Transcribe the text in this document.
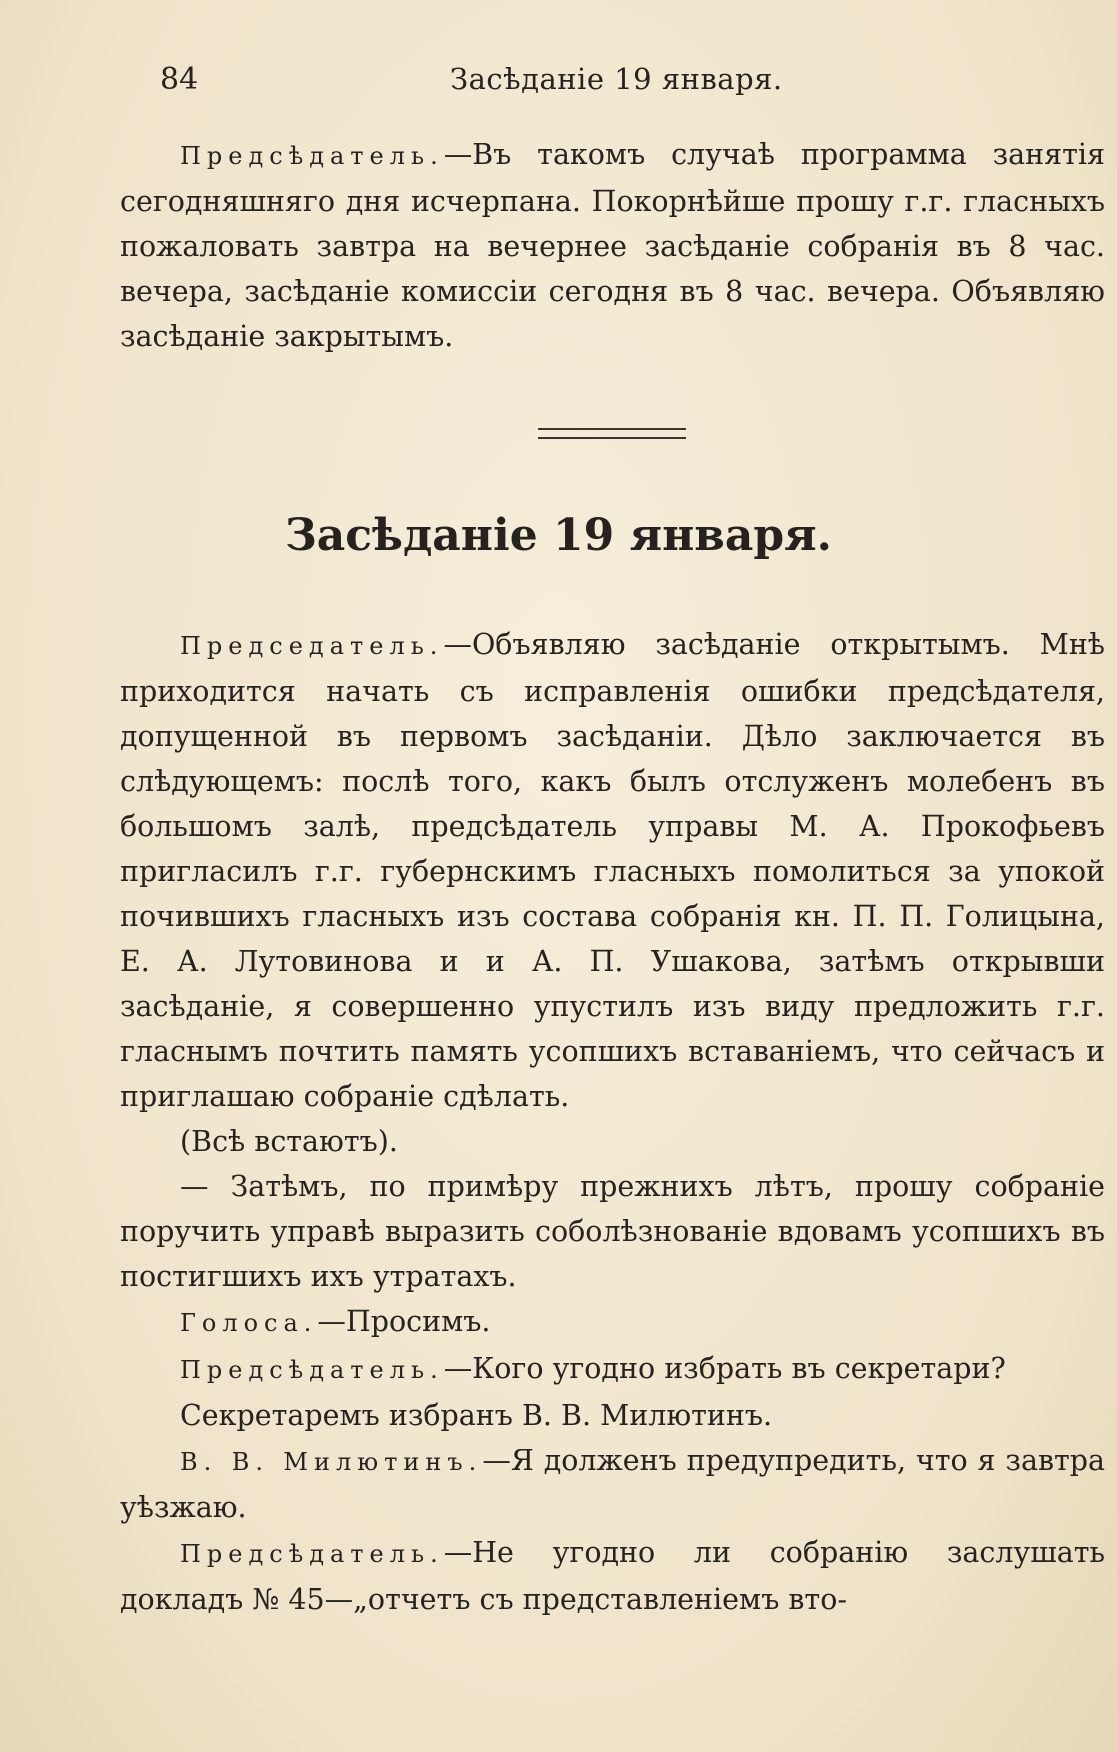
84	Засѣданіе 19 января.

Предсѣдатель.—Въ такомъ случаѣ программа занятія сегодняшняго дня исчерпана. Покорнѣйше прошу г.г. гласныхъ пожаловать завтра на вечернее засѣданіе собранія въ 8 час. вечера, засѣданіе комиссіи сегодня въ 8 час. вечера. Объявляю засѣданіе закрытымъ.

Засѣданіе 19 января.

Председатель.—Объявляю засѣданіе открытымъ. Мнѣ приходится начать съ исправленія ошибки предсѣдателя, допущенной въ первомъ засѣданіи. Дѣло заключается въ слѣдующемъ: послѣ того, какъ былъ отслуженъ молебенъ въ большомъ залѣ, предсѣдатель управы М. А. Прокофьевъ пригласилъ г.г. губернскимъ гласныхъ помолиться за упокой почившихъ гласныхъ изъ состава собранія кн. П. П. Голицына, Е. А. Лутовинова и и А. П. Ушакова, затѣмъ открывши засѣданіе, я совершенно упустилъ изъ виду предложить г.г. гласнымъ почтить память усопшихъ вставаніемъ, что сейчасъ и приглашаю собраніе сдѣлать.

(Всѣ встаютъ).

— Затѣмъ, по примѣру прежнихъ лѣтъ, прошу собраніе поручить управѣ выразить соболѣзнованіе вдовамъ усопшихъ въ постигшихъ ихъ утратахъ.

Голоса.—Просимъ.

Предсѣдатель.—Кого угодно избрать въ секретари?

Секретаремъ избранъ В. В. Милютинъ.

В. В. Милютинъ.—Я долженъ предупредить, что я завтра уѣзжаю.

Предсѣдатель.—Не угодно ли собранію заслушать докладъ № 45—„отчетъ съ представленіемъ вто-
